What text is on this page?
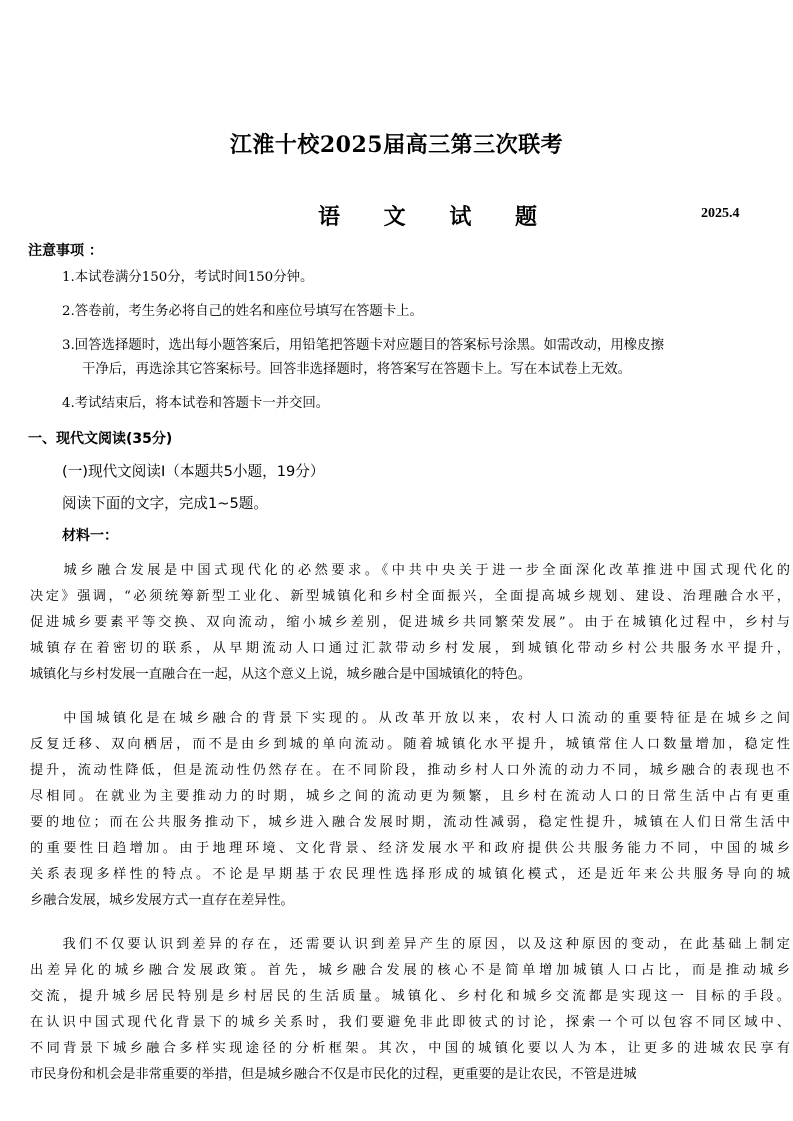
江淮十校2025届高三第三次联考
语 文 试 题	2025.4
注意事项 ：

1.本试卷满分150分，考试时间150分钟。

2.答卷前，考生务必将自己的姓名和座位号填写在答题卡上。

3.回答选择题时，选出每小题答案后，用铅笔把答题卡对应题目的答案标号涂黑。如需改动，用橡皮擦
干净后，再选涂其它答案标号。回答非选择题时，将答案写在答题卡上。写在本试卷上无效。

4.考试结束后，将本试卷和答题卡一并交回。

一、现代文阅读(35分)
(一)现代文阅读I（本题共5小题，19分）
阅读下面的文字，完成1~5题。
材料一：

　　城乡融合发展是中国式现代化的必然要求。《中共中央关于进一步全面深化改革推进中国式现代化的
决定》强调，“必须统筹新型工业化、新型城镇化和乡村全面振兴，全面提高城乡规划、建设、治理融合水平，
促进城乡要素平等交换、双向流动，缩小城乡差别，促进城乡共同繁荣发展”。由于在城镇化过程中，乡村与
城镇存在着密切的联系，从早期流动人口通过汇款带动乡村发展，到城镇化带动乡村公共服务水平提升，
城镇化与乡村发展一直融合在一起，从这个意义上说，城乡融合是中国城镇化的特色。

　　中国城镇化是在城乡融合的背景下实现的。从改革开放以来，农村人口流动的重要特征是在城乡之间
反复迁移、双向栖居，而不是由乡到城的单向流动。随着城镇化水平提升，城镇常住人口数量增加，稳定性
提升，流动性降低，但是流动性仍然存在。在不同阶段，推动乡村人口外流的动力不同，城乡融合的表现也不
尽相同。在就业为主要推动力的时期，城乡之间的流动更为频繁，且乡村在流动人口的日常生活中占有更重
要的地位；而在公共服务推动下，城乡进入融合发展时期，流动性减弱，稳定性提升，城镇在人们日常生活中
的重要性日趋增加。由于地理环境、文化背景、经济发展水平和政府提供公共服务能力不同，中国的城乡
关系表现多样性的特点。不论是早期基于农民理性选择形成的城镇化模式，还是近年来公共服务导向的城
乡融合发展，城乡发展方式一直存在差异性。

　　我们不仅要认识到差异的存在，还需要认识到差异产生的原因，以及这种原因的变动，在此基础上制定
出差异化的城乡融合发展政策。首先，城乡融合发展的核心不是简单增加城镇人口占比，而是推动城乡
交流，提升城乡居民特别是乡村居民的生活质量。城镇化、乡村化和城乡交流都是实现这一 目标的手段。
在认识中国式现代化背景下的城乡关系时，我们要避免非此即彼式的讨论，探索一个可以包容不同区域中、
不同背景下城乡融合多样实现途径的分析框架。其次，中国的城镇化要以人为本，让更多的进城农民享有
市民身份和机会是非常重要的举措，但是城乡融合不仅是市民化的过程，更重要的是让农民，不管是进城
